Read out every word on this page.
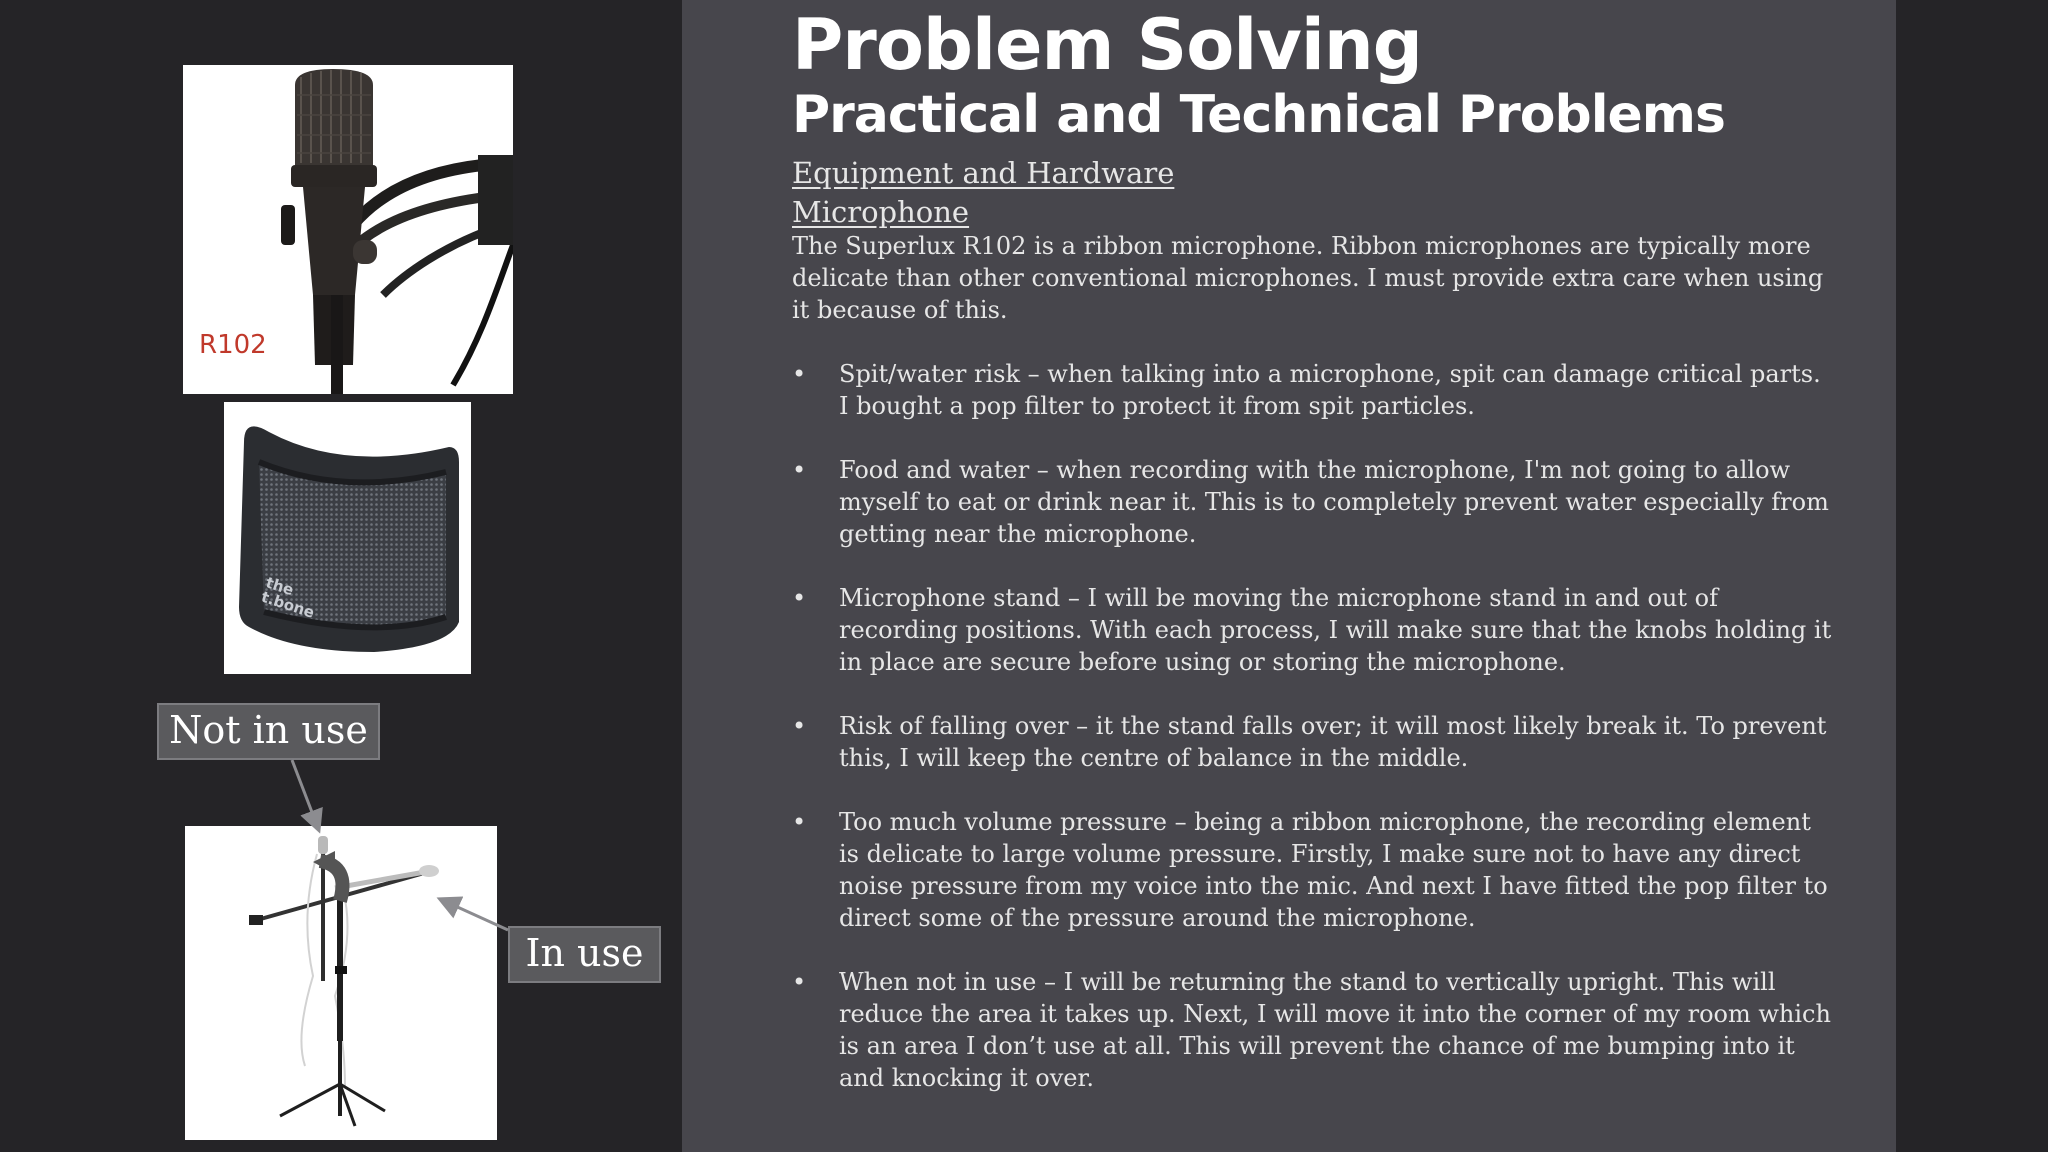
Problem Solving
Practical and Technical Problems
Equipment and Hardware
Microphone

The Superlux R102 is a ribbon microphone. Ribbon microphones are typically more delicate than other conventional microphones. I must provide extra care when using it because of this.

• Spit/water risk – when talking into a microphone, spit can damage critical parts. I bought a pop filter to protect it from spit particles.
• Food and water – when recording with the microphone, I'm not going to allow myself to eat or drink near it. This is to completely prevent water especially from getting near the microphone.
• Microphone stand – I will be moving the microphone stand in and out of recording positions. With each process, I will make sure that the knobs holding it in place are secure before using or storing the microphone.
• Risk of falling over – it the stand falls over; it will most likely break it. To prevent this, I will keep the centre of balance in the middle.
• Too much volume pressure – being a ribbon microphone, the recording element is delicate to large volume pressure. Firstly, I make sure not to have any direct noise pressure from my voice into the mic. And next I have fitted the pop filter to direct some of the pressure around the microphone.
• When not in use – I will be returning the stand to vertically upright. This will reduce the area it takes up. Next, I will move it into the corner of my room which is an area I don’t use at all. This will prevent the chance of me bumping into it and knocking it over.
R102
the t.bone
Not in use
In use
